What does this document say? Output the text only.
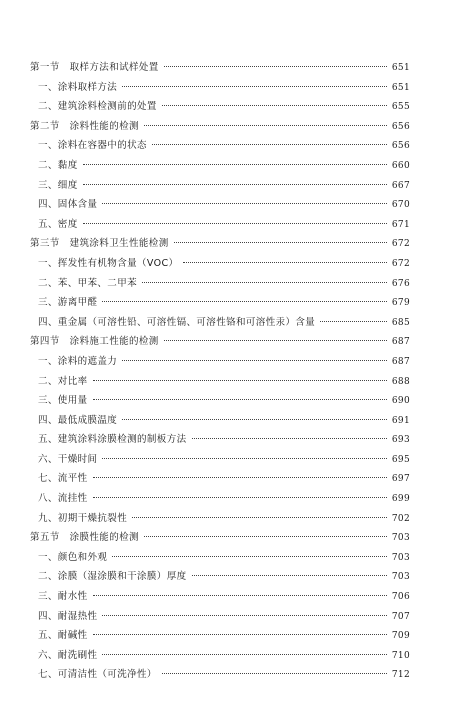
第一节　取样方法和试样处置	651
一、涂料取样方法	651
二、建筑涂料检测前的处置	655
第二节　涂料性能的检测	656
一、涂料在容器中的状态	656
二、黏度	660
三、细度	667
四、固体含量	670
五、密度	671
第三节　建筑涂料卫生性能检测	672
一、挥发性有机物含量（VOC）	672
二、苯、甲苯、二甲苯	676
三、游离甲醛	679
四、重金属（可溶性铅、可溶性镉、可溶性铬和可溶性汞）含量	685
第四节　涂料施工性能的检测	687
一、涂料的遮盖力	687
二、对比率	688
三、使用量	690
四、最低成膜温度	691
五、建筑涂料涂膜检测的制板方法	693
六、干燥时间	695
七、流平性	697
八、流挂性	699
九、初期干燥抗裂性	702
第五节　涂膜性能的检测	703
一、颜色和外观	703
二、涂膜（湿涂膜和干涂膜）厚度	703
三、耐水性	706
四、耐湿热性	707
五、耐碱性	709
六、耐洗刷性	710
七、可清洁性（可洗净性）	712
